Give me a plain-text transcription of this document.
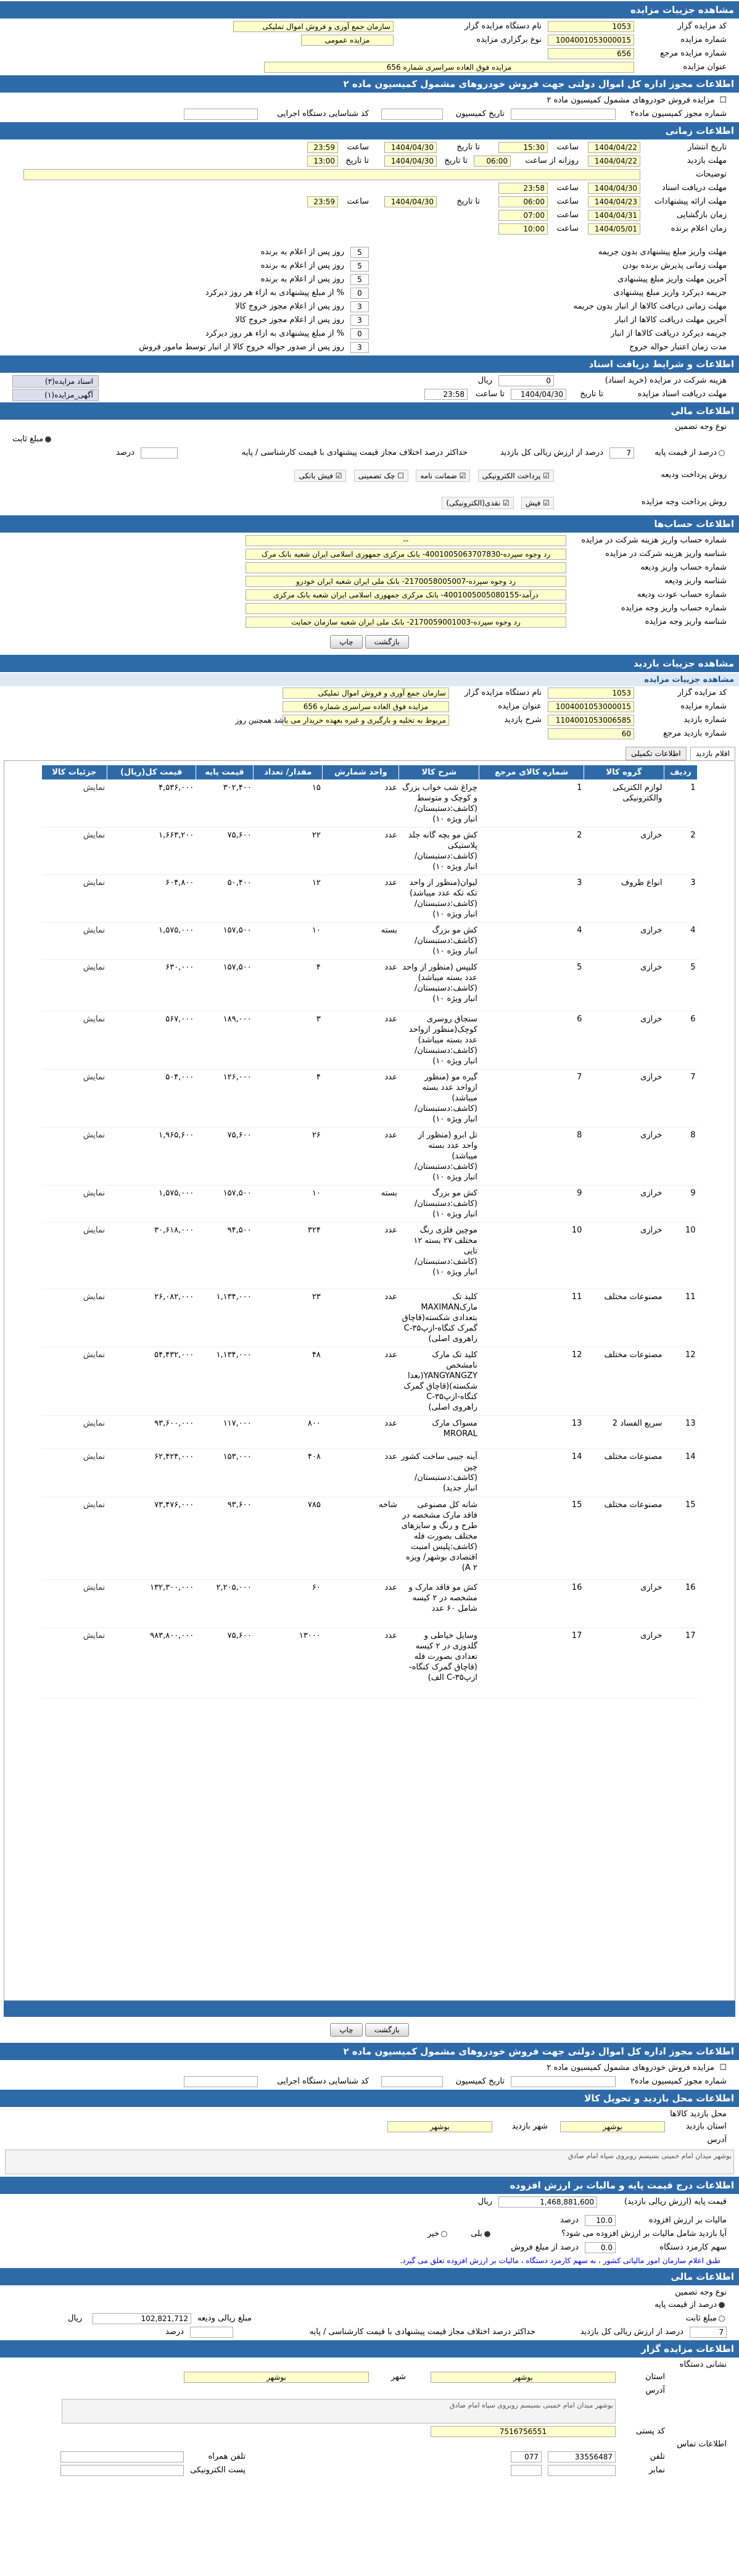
مشاهده جزییات مزایده
کد مزایده گزار
1053
نام دستگاه مزایده گزار
سازمان جمع آوری و فروش اموال تملیکی
شماره مزایده
1004001053000015
نوع برگزاری مزایده
مزایده عمومی
شماره مزایده مرجع
656
عنوان مزایده
مزایده فوق العاده سراسری شماره 656
اطلاعات مجوز اداره کل اموال دولتی جهت فروش خودروهای مشمول کمیسیون ماده ۲
☐
مزایده فروش خودروهای مشمول کمیسیون ماده ۲
شماره مجوز کمیسیون ماده۲
تاریخ کمیسیون
کد شناسایی دستگاه اجرایی
اطلاعات زمانی
تاریخ انتشار
1404/04/22
ساعت
15:30
تا تاریخ
1404/04/30
ساعت
23:59
مهلت بازدید
1404/04/22
روزانه از ساعت
06:00
تا تاریخ
1404/04/30
تا تاریخ
13:00
توضیحات
مهلت دریافت اسناد
1404/04/30
ساعت
23:58
مهلت ارائه پیشنهادات
1404/04/23
ساعت
06:00
تا تاریخ
1404/04/30
ساعت
23:59
زمان بازگشایی
1404/04/31
ساعت
07:00
زمان اعلام برنده
1404/05/01
ساعت
10:00
مهلت واریز مبلغ پیشنهادی بدون جریمه
5
روز پس از اعلام به برنده
مهلت زمانی پذیرش برنده بودن
5
روز پس از اعلام به برنده
آخرین مهلت واریز مبلغ پیشنهادی
5
روز پس از اعلام به برنده
جریمه دیرکرد واریز مبلغ پیشنهادی
0
% از مبلغ پیشنهادی به ازاء هر روز دیرکرد
مهلت زمانی دریافت کالاها از انبار بدون جریمه
3
روز پس از اعلام مجوز خروج کالا
آخرین مهلت دریافت کالاها از انبار
3
روز پس از اعلام مجوز خروج کالا
جریمه دیرکرد دریافت کالاها از انبار
0
% از مبلغ پیشنهادی به ازاء هر روز دیرکرد
مدت زمان اعتبار حواله خروج
3
روز پس از صدور حواله خروج کالا از انبار توسط مامور فروش
اطلاعات و شرایط دریافت اسناد
هزینه شرکت در مزایده (خرید اسناد)
0
ریال
اسناد مزایده(۳)
مهلت دریافت اسناد مزایده
تا تاریخ
1404/04/30
تا ساعت
23:58
آگهی_مزایده(۱)
اطلاعات مالی
نوع وجه تضمین
مبلغ ثابت
درصد از قیمت پایه
درصد از ارزش ریالی کل بازدید	7
حداکثر درصد اختلاف مجاز قیمت پیشنهادی با قیمت کارشناسی / پایه
درصد
روش پرداخت ودیعه
☑ پرداخت الکترونیکی ☑ ضمانت نامه ☐ چک تضمینی ☑ فیش بانکی
روش پرداخت وجه مزایده
☑ فیش ☑ نقدی(الکترونیکی)
اطلاعات حساب‌ها
شماره حساب واریز هزینه شرکت در مزایده
--
شناسه واریز هزینه شرکت در مزایده
رد وجوه سپرده-4001005063707830- بانک مرکزی جمهوری اسلامی ایران شعبه بانک مرک
شماره حساب واریز ودیعه
شناسه واریز ودیعه
رد وجوه سپرده-2170058005007- بانک ملی ایران شعبه ایران خودرو
شماره حساب عودت ودیعه
درآمد-4001005005080155- بانک مرکزی جمهوری اسلامی ایران شعبه بانک مرکزی
شماره حساب واریز وجه مزایده
شناسه واریز وجه مزایده
رد وجوه سپرده-2170059001003- بانک ملی ایران شعبه سازمان حمایت
بازگشت چاپ
مشاهده جزییات بازدید
مشاهده جزییات مزایده
کد مزایده گزار
1053
نام دستگاه مزایده گزار
سازمان جمع آوری و فروش اموال تملیکی
شماره مزایده
1004001053000015
عنوان مزایده
مزایده فوق العاده سراسری شماره 656
شماره بازدید
1104001053006585
شرح بازدید
مربوط به تخلیه و بارگیری و غیره بعهده خریدار می باشد همچنین روز
شماره بازدید مرجع
60
اقلام بازدید اطلاعات تکمیلی
ردیف	گروه کالا	شماره کالای مرجع	شرح کالا	واحد شمارش	مقدار/ تعداد	قیمت پایه	قیمت کل(ریال)	جزئیات کالا
1	لوازم الکتریکی والکترونیکی	1	چراغ شب خواب بزرگ و کوچک و متوسط (کاشف:دستبستان/ انبار ویژه ۱۰)	عدد	۱۵	۳۰۲,۴۰۰	۴,۵۳۶,۰۰۰	نمایش
2	خرازی	2	کش مو بچه گانه جلد پلاستیکی (کاشف:دستبستان/ انبار ویژه ۱۰)	عدد	۲۲	۷۵,۶۰۰	۱,۶۶۳,۲۰۰	نمایش
3	انواع ظروف	3	لیوان(منظور از واحد تکه تکه عدد میباشد)(کاشف:دستبستان/ انبار ویژه ۱۰)	عدد	۱۲	۵۰,۴۰۰	۶۰۴,۸۰۰	نمایش
4	خرازی	4	کش مو بزرگ (کاشف:دستبستان/ انبار ویژه ۱۰)	بسته	۱۰	۱۵۷,۵۰۰	۱,۵۷۵,۰۰۰	نمایش
5	خرازی	5	کلیپس (منظور از واحد عدد بسته میباشد)(کاشف:دستبستان/ انبار ویژه ۱۰)	عدد	۴	۱۵۷,۵۰۰	۶۳۰,۰۰۰	نمایش
6	خرازی	6	سنجاق روسری کوچک(منظور ازواحد عدد بسته میباشد)(کاشف:دستبستان/ انبار ویژه ۱۰)	عدد	۳	۱۸۹,۰۰۰	۵۶۷,۰۰۰	نمایش
7	خرازی	7	گیره مو (منظور ازواحد عدد بسته میباشد)(کاشف:دستبستان/ انبار ویژه ۱۰)	عدد	۴	۱۲۶,۰۰۰	۵۰۴,۰۰۰	نمایش
8	خرازی	8	تل ابرو (منظور از واحد عدد بسته میباشد)(کاشف:دستبستان/ انبار ویژه ۱۰)	عدد	۲۶	۷۵,۶۰۰	۱,۹۶۵,۶۰۰	نمایش
9	خرازی	9	کش مو بزرگ (کاشف:دستبستان/ انبار ویژه ۱۰)	بسته	۱۰	۱۵۷,۵۰۰	۱,۵۷۵,۰۰۰	نمایش
10	خرازی	10	موچین فلزی رنگ مختلف ۲۷ بسته ۱۲ تایی (کاشف:دستبستان/ انبار ویژه ۱۰)	عدد	۳۲۴	۹۴,۵۰۰	۳۰,۶۱۸,۰۰۰	نمایش
11	مصنوعات مختلف	11	کلید تک مارکMAXIMAN بتعدادی شکسته(قاچاق گمرک کنگاه-ازپ۳۵-C راهروی اصلی)	عدد	۲۳	۱,۱۳۴,۰۰۰	۲۶,۰۸۲,۰۰۰	نمایش
12	مصنوعات مختلف	12	کلید تک مارک نامشخص YANGYANGZY(بعدا شکسته)(قاچاق گمرک کنگاه-ازپ۳۵-C راهروی اصلی)	عدد	۴۸	۱,۱۳۴,۰۰۰	۵۴,۴۳۲,۰۰۰	نمایش
13	سریع الفساد 2	13	مسواک مارک MRORAL	عدد	۸۰۰	۱۱۷,۰۰۰	۹۳,۶۰۰,۰۰۰	نمایش
14	مصنوعات مختلف	14	آینه جیبی ساخت کشور چین (کاشف:دستبستان/ انبار جدید)	عدد	۴۰۸	۱۵۳,۰۰۰	۶۲,۴۲۴,۰۰۰	نمایش
15	مصنوعات مختلف	15	شانه کل مصنوعی فاقد مارک مشخصه در طرح و رنگ و سایزهای مختلف بصورت فله (کاشف:پلیس امنیت اقتصادی بوشهر/ ویزه ۲ A)	شاخه	۷۸۵	۹۳,۶۰۰	۷۳,۴۷۶,۰۰۰	نمایش
16	خرازی	16	کش مو فاقد مارک و مشخصه در ۲ کیسه شامل ۶۰ عدد	عدد	۶۰	۲,۲۰۵,۰۰۰	۱۳۲,۳۰۰,۰۰۰	نمایش
17	خرازی	17	وسایل خیاطی و گلدوزی در ۲ کیسه تعدادی بصورت فله (قاچاق گمرک کنگاه-ازپ۳۵-C الف)	عدد	۱۳۰۰۰	۷۵,۶۰۰	۹۸۳,۸۰۰,۰۰۰	نمایش
بازگشت چاپ
اطلاعات مجوز اداره کل اموال دولتی جهت فروش خودروهای مشمول کمیسیون ماده ۲
☐
مزایده فروش خودروهای مشمول کمیسیون ماده ۲
شماره مجوز کمیسیون ماده۲
تاریخ کمیسیون
کد شناسایی دستگاه اجرایی
اطلاعات محل بازدید و تحویل کالا
محل بازدید کالاها
استان بازدید
بوشهر
شهر بازدید
بوشهر
آدرس
بوشهر میدان امام خمینی بسیسم روبروی سپاه امام صادق
اطلاعات درج قیمت پایه و مالیات بر ارزش افزوده
قیمت پایه (ارزش ریالی بازدید)
1,468,881,600
ریال
مالیات بر ارزش افزوده
10.0
درصد
آیا بازدید شامل مالیات بر ارزش افزوده می شود؟
بلی
خیر
سهم کارمزد دستگاه
0.0
درصد از مبلغ فروش
طبق اعلام سازمان امور مالیاتی کشور ، به سهم کارمزد دستگاه ، مالیات بر ارزش افزوده تعلق می گیرد.
اطلاعات مالی
نوع وجه تضمین
درصد از قیمت پایه
مبلغ ثابت
مبلغ ریالی ودیعه
102,821,712
ریال
7
درصد از ارزش ریالی کل بازدید
حداکثر درصد اختلاف مجاز قیمت پیشنهادی با قیمت کارشناسی / پایه
درصد
اطلاعات مزایده گزار
نشانی دستگاه
استان
بوشهر
شهر
بوشهر
آدرس
بوشهر میدان امام خمینی بسیسم روبروی سپاه امام صادق
کد پستی
7516756551
اطلاعات تماس
تلفن
33556487
077
تلفن همراه
نمابر
پست الکترونیکی
